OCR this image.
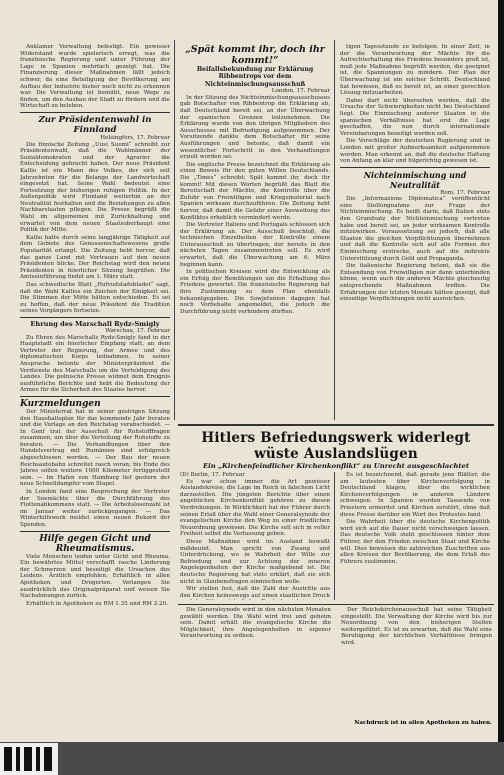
Anklamer Verwaltung befestigt. Ein gewisser Widerstand wurde spielerisch erregt, was die französische Regierung und unter Führung der Lage in Spanien mehrfach gezeigt hat. Die Finanzierung dieser Maßnahmen fällt jedoch schwer, da eine Beteiligung der Bevölkerung am Aufbau der Industrie bisher noch nicht zu erkennen war. Die Verwaltung ist bemüht, neue Wege zu finden, um den Ausbau der Stadt zu fördern und die Wirtschaft zu beleben.

Zur Präsidentenwahl in Finnland
Helsingfors, 17. Februar

Die finnische Zeitung „Uusi Suomi“ schreibt zur Präsidentenwahl, daß die Wahlmänner der Sozialdemokraten und der Agrarier die Entscheidung gebracht haben. Der neue Präsident Kallio ist ein Mann des Volkes, der sich seit Jahrzehnten für die Belange der Landwirtschaft eingesetzt hat. Seine Wahl bedeutet eine Fortsetzung der bisherigen ruhigen Politik. In der Außenpolitik wird Finnland weiterhin an der Neutralität festhalten und die Beziehungen zu allen Nachbarstaaten pflegen. Die Presse begrüßt die Wahl im allgemeinen mit Zurückhaltung und erwartet von dem neuen Staatsoberhaupt eine Politik der Mitte.

Kallio hatte durch seine langjährige Tätigkeit auf dem Gebiete des Genossenschaftswesens große Popularität erlangt. Die Zeitung hebt hervor, daß das ganze Land mit Vertrauen auf den neuen Präsidenten blicke. Der Reichstag wird den neuen Präsidenten in feierlicher Sitzung begrüßen. Die Amtseinführung findet am 1. März statt.

Das schwedische Blatt „Hufvudstadsbladet“ sagt, daß die Wahl Kallios ein Zeichen der Einigkeit sei. Die Stimmen der Mitte hätten entschieden. Es sei zu hoffen, daß der neue Präsident die Tradition seines Vorgängers fortsetze.

Ehrung des Marschall Rydz-Smigly
Warschau, 17. Februar

Zu Ehren des Marschalls Rydz-Smigly fand in der Hauptstadt ein feierlicher Empfang statt, an dem Vertreter der Regierung, der Armee und des diplomatischen Korps teilnahmen. In seiner Ansprache betonte der Ministerpräsident die Verdienste des Marschalls um die Verteidigung des Landes. Die polnische Presse widmet dem Ereignis ausführliche Berichte und hebt die Bedeutung der Armee für die Sicherheit des Staates hervor.

Kurzmeldungen

Der Ministerrat hat in seiner gestrigen Sitzung den Haushaltsplan für das kommende Jahr beraten und die Vorlage an den Reichstag verabschiedet. — In Genf trat der Ausschuß für Rohstofffragen zusammen, um über die Verteilung der Rohstoffe zu beraten. — Die Verhandlungen über den Handelsvertrag mit Rumänien sind erfolgreich abgeschlossen worden. — Der Bau der neuen Reichsautobahn schreitet rasch voran; bis Ende des Jahres sollen weitere 1000 Kilometer fertiggestellt sein. — Im Hafen von Hamburg lief gestern der neue Schnelldampfer vom Stapel.

In London fand eine Besprechung der Vertreter der Seemächte über die Durchführung des Flottenabkommens statt. — Die Arbeitslosenzahl ist im Januar weiter zurückgegangen. — Das Winterhilfswerk meldet einen neuen Rekord der Spenden.

Hilfe gegen Gicht und Rheumatismus.

Viele Menschen leiden unter Gicht und Rheuma. Ein bewährtes Mittel verschafft rasche Linderung der Schmerzen und beseitigt die Ursachen des Leidens. Ärztlich empfohlen. Erhältlich in allen Apotheken und Drogerien. Verlangen Sie ausdrücklich das Originalpräparat und weisen Sie Nachahmungen zurück.

Erhältlich in Apotheken zu RM 1.35 und RM 2.20.

„Spät kommt ihr, doch ihr kommt!“
Beifallsbekundung zur Erklärung Ribbentrops vor dem Nichteinmischungsausschuß
London, 17. Februar

In der Sitzung des Nichteinmischungsausschusses gab Botschafter von Ribbentrop die Erklärung ab, daß Deutschland bereit sei, an der Überwachung der spanischen Grenzen teilzunehmen. Die Erklärung wurde von den übrigen Mitgliedern des Ausschusses mit Befriedigung aufgenommen. Der Vorsitzende dankte dem Botschafter für seine Ausführungen und betonte, daß damit ein wesentlicher Fortschritt in den Verhandlungen erzielt worden sei.

Die englische Presse bezeichnet die Erklärung als einen Beweis für den guten Willen Deutschlands. Die „Times“ schreibt: Spät kommt ihr, doch ihr kommt! Mit diesen Worten begrüßt das Blatt die Bereitschaft der Mächte, die Kontrolle über die Zufuhr von Freiwilligen und Kriegsmaterial nach Spanien wirksam durchzuführen. Die Zeitung hebt hervor, daß damit die Gefahr einer Ausweitung des Konfliktes erheblich vermindert werde.

Die Vertreter Italiens und Portugals schlossen sich der Erklärung an. Der Ausschuß beschloß, die technischen Einzelheiten der Kontrolle einem Unterausschuß zu übertragen, der bereits in den nächsten Tagen zusammentreten soll. Es wird erwartet, daß die Überwachung am 6. März beginnen kann.

In politischen Kreisen wird die Entwicklung als ein Erfolg der Bemühungen um die Erhaltung des Friedens gewertet. Die französische Regierung hat ihre Zustimmung zu dem Plan ebenfalls bekanntgegeben. Die Sowjetunion dagegen hat noch Vorbehalte angemeldet, die jedoch die Durchführung nicht verhindern dürften.

tigen Tagesstunde zu befolgen. In einer Zeit, in der die Verantwortung der Mächte für die Aufrechterhaltung des Friedens besonders groß ist, muß jede Maßnahme begrüßt werden, die geeignet ist, die Spannungen zu mindern. Der Plan der Überwachung ist ein solcher Schritt. Deutschland hat bewiesen, daß es bereit ist, an einer gerechten Lösung mitzuarbeiten.

Dabei darf nicht übersehen werden, daß die Ursache der Schwierigkeiten nicht bei Deutschland liegt. Die Einmischung anderer Staaten in die spanischen Verhältnisse hat erst die Lage geschaffen, die nun durch internationale Vereinbarungen beseitigt werden soll.

Die Vorschläge der deutschen Regierung sind in London mit großer Aufmerksamkeit aufgenommen worden. Man erkennt an, daß die deutsche Haltung von Anfang an klar und folgerichtig gewesen ist.

Nichteinmischung und Neutralität
Rom, 17. Februar

Die „Informazione Diplomatica“ veröffentlicht eine Stellungnahme zur Frage der Nichteinmischung. Es heißt darin, daß Italien stets den Grundsatz der Nichteinmischung vertreten habe und bereit sei, an jeder wirksamen Kontrolle mitzuwirken. Voraussetzung sei jedoch, daß alle Staaten die gleichen Verpflichtungen übernehmen und daß die Kontrolle sich auf alle Formen der Einmischung erstrecke, auch auf die indirekte Unterstützung durch Geld und Propaganda.

Die italienische Regierung betont, daß sie die Entsendung von Freiwilligen nur dann unterbinden könne, wenn auch die anderen Mächte gleichzeitig entsprechende Maßnahmen treffen. Die Erfahrungen der letzten Monate hätten gezeigt, daß einseitige Verpflichtungen nicht ausreichen.

Hitlers Befriedungswerk widerlegt wüste Auslandslügen
Ein „Kirchenfeindlicher Kirchenkonflikt“ zu Unrecht ausgeschlachtet
(D) Berlin, 17. Februar

Es war schon immer die Art gewisser Auslandskreise, die Lage im Reich in falschem Licht darzustellen. Die jüngsten Berichte über einen angeblichen Kirchenkonflikt gehören zu diesen Verdrehungen. In Wirklichkeit hat der Führer durch seinen Erlaß über die Wahl einer Generalsynode der evangelischen Kirche den Weg zu einer friedlichen Neuordnung gewiesen. Die Kirche soll sich in voller Freiheit selbst die Verfassung geben.

Diese Maßnahme wird im Ausland bewußt mißdeutet. Man spricht von Zwang und Unterdrückung, wo in Wahrheit der Wille zur Befriedung und zur Achtung der inneren Angelegenheiten der Kirche maßgebend ist. Die deutsche Regierung hat stets erklärt, daß sie sich nicht in Glaubensfragen einmischen wolle.

Wir stellen fest, daß die Zahl der Austritte aus den Kirchen keineswegs auf einen staatlichen Druck

Es ist bezeichnend, daß gerade jene Blätter, die am lautesten über Kirchenverfolgung in Deutschland klagen, über die wirklichen Kirchenverfolgungen in anderen Ländern schweigen. In Spanien wurden Tausende von Priestern ermordet und Kirchen zerstört, ohne daß diese Presse darüber ein Wort des Protestes fand.

Die Wahrheit über die deutsche Kirchenpolitik wird sich auf die Dauer nicht verschweigen lassen. Das deutsche Volk steht geschlossen hinter dem Führer, der den Frieden zwischen Staat und Kirche will. Dies beweisen die zahlreichen Zuschriften aus allen Kreisen der Bevölkerung, die dem Erlaß des Führers zustimmen.

Die Generalsynode wird in den nächsten Monaten gewählt werden. Die Wahl wird frei und geheim sein. Damit erhält die evangelische Kirche die Möglichkeit, ihre Angelegenheiten in eigener Verantwortung zu ordnen.

Der Reichskirchenausschuß hat seine Tätigkeit eingestellt. Die Verwaltung der Kirche wird bis zur Neuordnung von den bisherigen Stellen weitergeführt. Es ist zu erwarten, daß die Wahl eine Beruhigung der kirchlichen Verhältnisse bringen wird.

Nachdruck ist in allen Apotheken zu haben.
